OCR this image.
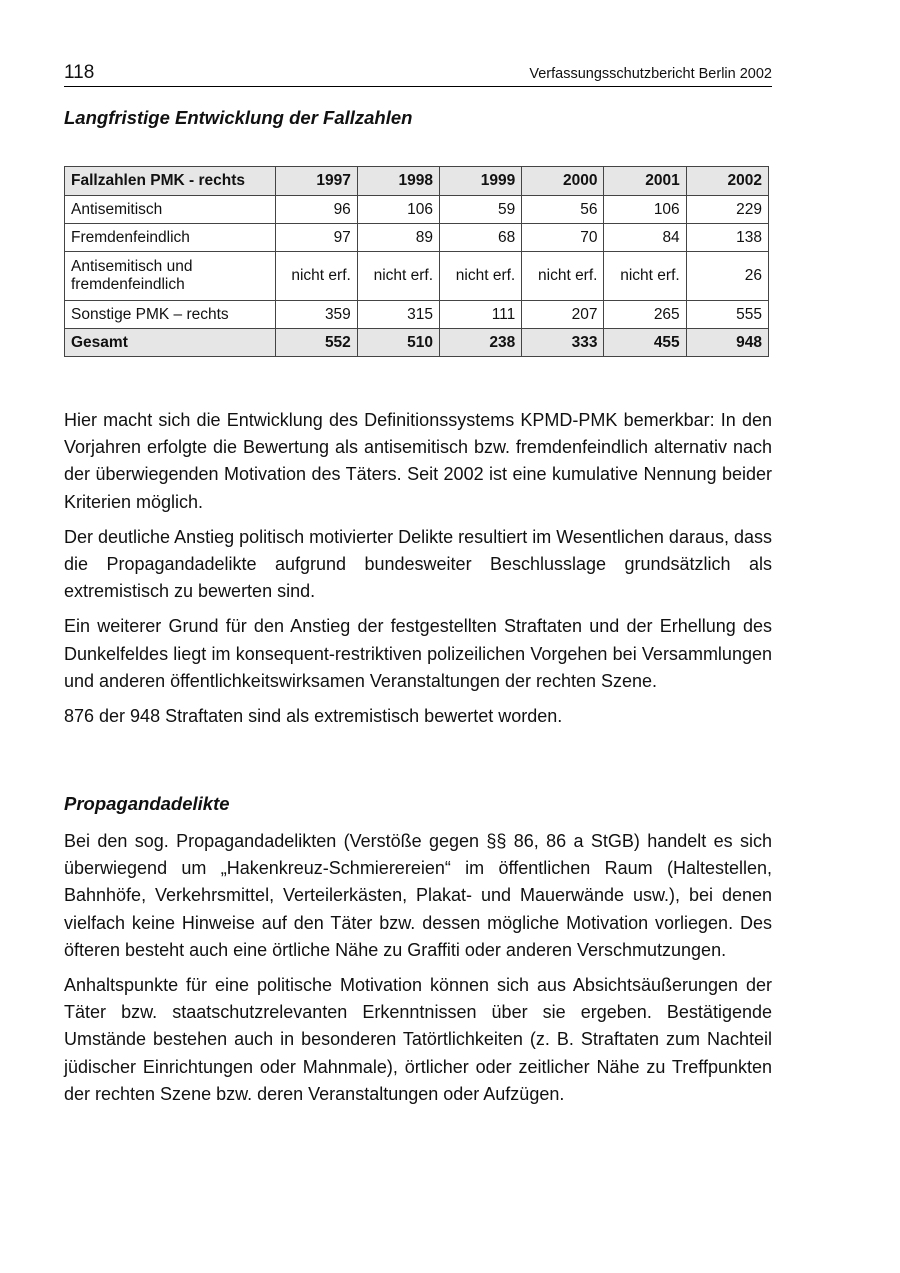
118	Verfassungsschutzbericht Berlin 2002
Langfristige Entwicklung der Fallzahlen
Fallzahlen PMK - rechts	1997	1998	1999	2000	2001	2002
Antisemitisch	96	106	59	56	106	229
Fremdenfeindlich	97	89	68	70	84	138
Antisemitisch und fremdenfeindlich	nicht erf.	nicht erf.	nicht erf.	nicht erf.	nicht erf.	26
Sonstige PMK – rechts	359	315	111	207	265	555
Gesamt	552	510	238	333	455	948

Hier macht sich die Entwicklung des Definitionssystems KPMD-PMK bemerkbar: In den Vorjahren erfolgte die Bewertung als antisemitisch bzw. fremdenfeindlich alternativ nach der überwiegenden Motivation des Täters. Seit 2002 ist eine kumulative Nennung beider Kriterien möglich.

Der deutliche Anstieg politisch motivierter Delikte resultiert im Wesentlichen daraus, dass die Propagandadelikte aufgrund bundesweiter Beschlusslage grundsätzlich als extremistisch zu bewerten sind.

Ein weiterer Grund für den Anstieg der festgestellten Straftaten und der Erhellung des Dunkelfeldes liegt im konsequent-restriktiven polizeilichen Vorgehen bei Versammlungen und anderen öffentlichkeitswirksamen Veranstaltungen der rechten Szene.

876 der 948 Straftaten sind als extremistisch bewertet worden.

Propagandadelikte

Bei den sog. Propagandadelikten (Verstöße gegen §§ 86, 86 a StGB) handelt es sich überwiegend um „Hakenkreuz-Schmierereien“ im öffentlichen Raum (Haltestellen, Bahnhöfe, Verkehrsmittel, Verteilerkästen, Plakat- und Mauerwände usw.), bei denen vielfach keine Hinweise auf den Täter bzw. dessen mögliche Motivation vorliegen. Des öfteren besteht auch eine örtliche Nähe zu Graffiti oder anderen Verschmutzungen.

Anhaltspunkte für eine politische Motivation können sich aus Absichtsäußerungen der Täter bzw. staatschutzrelevanten Erkenntnissen über sie ergeben. Bestätigende Umstände bestehen auch in besonderen Tatörtlichkeiten (z. B. Straftaten zum Nachteil jüdischer Einrichtungen oder Mahnmale), örtlicher oder zeitlicher Nähe zu Treffpunkten der rechten Szene bzw. deren Veranstaltungen oder Aufzügen.
